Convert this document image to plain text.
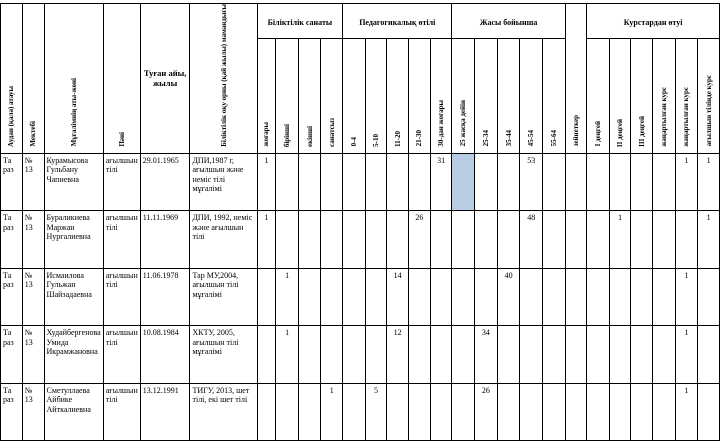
Аудан (қала) атауы	Мектебі	Мұғалімнің аты-жөні	Пәні	Туған айы, жылы	Біліктілік оқу орны (қай жылы) мамандығы	Біліктілік санаты				Педагогикалық өтілі					Жасы бойынша					зейнеткер	Курстардан өтуі					
						жоғары	бірінші	екінші	санатсыз	0-4	5-10	11-20	21-30	30-дан жоғары	25 жасқа дейін	25-34	35-44	45-54	55-64		І деңгей	ІІ деңгей	ІІІ деңгей	жаңартылған курс	жаңартылған курс	ағылшын тілінде курс
Та раз	№ 13	Курамысова Гульбану Чапиевна	ағылшын тілі	29.01.1965	ДПИ,1987 г, ағылшын және неміс тілі мұғалімі	1								31				53							1	1
Та раз	№ 13	Бураликиева Маржан Нургалиевна	ағылшын тілі	11.11.1969	ДПИ, 1992, неміс және ағылшын тілі	1							26					48				1				1
Та раз	№ 13	Исмаилова Гульжан Шайзадаевна	ағылшын тілі	11.06.1978	Тар МУ,2004, ағылшын тілі мұғалімі		1					14					40								1	
Та раз	№ 13	Худайбергенова Умида Икрамжановна	ағылшын тілі	10.08.1984	ХКТУ, 2005, ағылшын тілі мұғалімі		1					12				34									1	
Та раз	№ 13	Сметуллаева Айбике Айткалиевна	ағылшын тілі	13.12.1991	ТИГУ, 2013, шет тілі, екі шет тілі				1		5					26									1	
